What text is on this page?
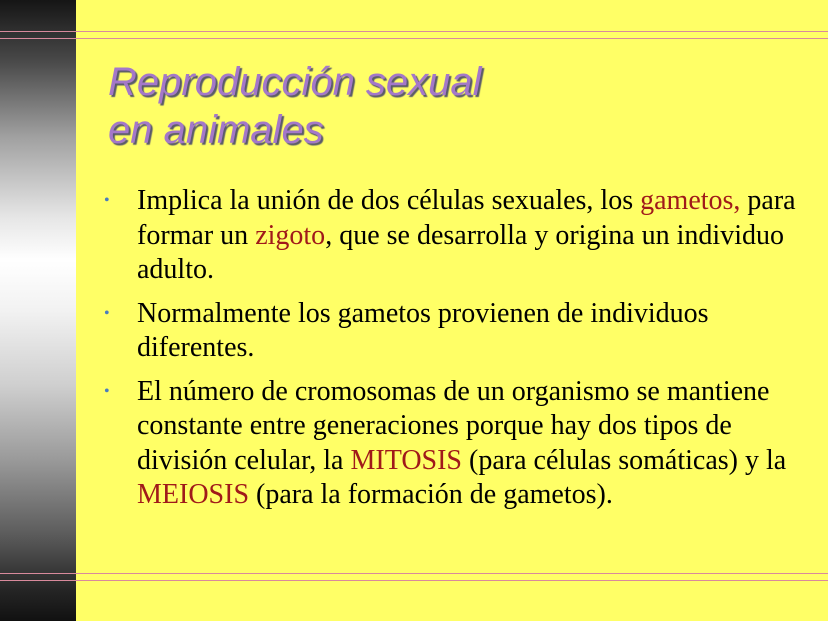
Reproducción sexual
en animales
• Implica la unión de dos células sexuales, los gametos, para formar un zigoto, que se desarrolla y origina un individuo adulto.
• Normalmente los gametos provienen de individuos diferentes.
• El número de cromosomas de un organismo se mantiene constante entre generaciones porque hay dos tipos de división celular, la MITOSIS (para células somáticas) y la MEIOSIS (para la formación de gametos).
